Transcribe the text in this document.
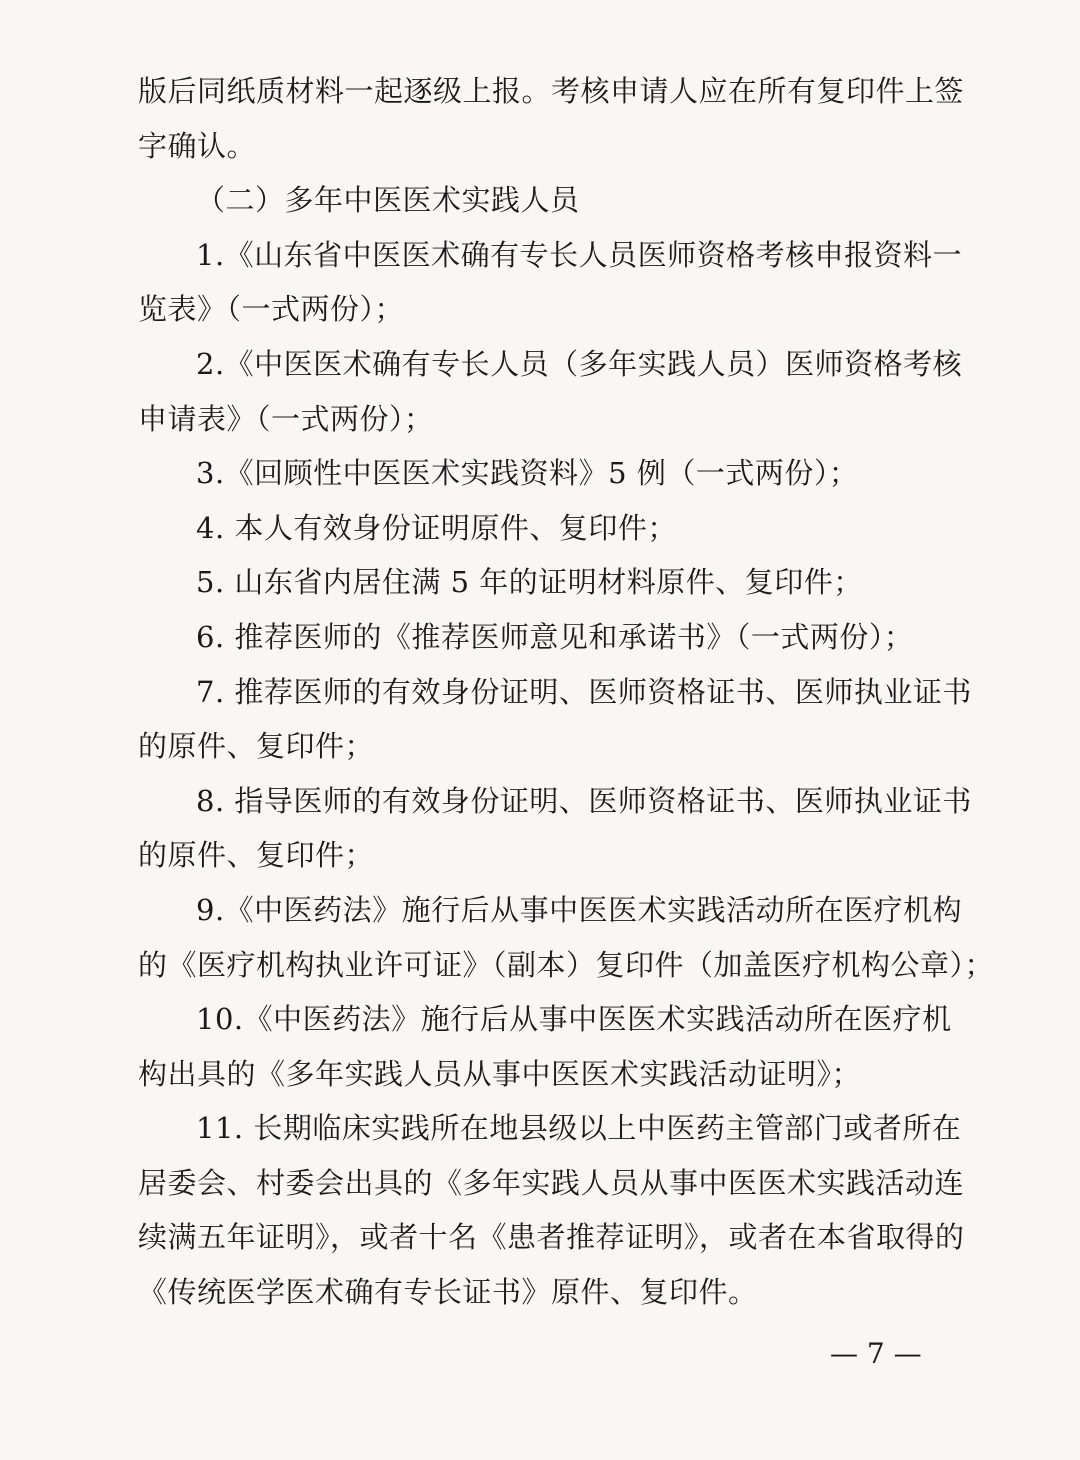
版后同纸质材料一起逐级上报。考核申请人应在所有复印件上签
字确认。
（二）多年中医医术实践人员
1.《山东省中医医术确有专长人员医师资格考核申报资料一
览表》（一式两份）；
2.《中医医术确有专长人员（多年实践人员）医师资格考核
申请表》（一式两份）；
3.《回顾性中医医术实践资料》5 例（一式两份）；
4. 本人有效身份证明原件、复印件；
5. 山东省内居住满 5 年的证明材料原件、复印件；
6. 推荐医师的《推荐医师意见和承诺书》（一式两份）；
7. 推荐医师的有效身份证明、医师资格证书、医师执业证书
的原件、复印件；
8. 指导医师的有效身份证明、医师资格证书、医师执业证书
的原件、复印件；
9.《中医药法》施行后从事中医医术实践活动所在医疗机构
的《医疗机构执业许可证》（副本）复印件（加盖医疗机构公章）；
10.《中医药法》施行后从事中医医术实践活动所在医疗机
构出具的《多年实践人员从事中医医术实践活动证明》；
11. 长期临床实践所在地县级以上中医药主管部门或者所在
居委会、村委会出具的《多年实践人员从事中医医术实践活动连
续满五年证明》，或者十名《患者推荐证明》，或者在本省取得的
《传统医学医术确有专长证书》原件、复印件。
— 7 —
